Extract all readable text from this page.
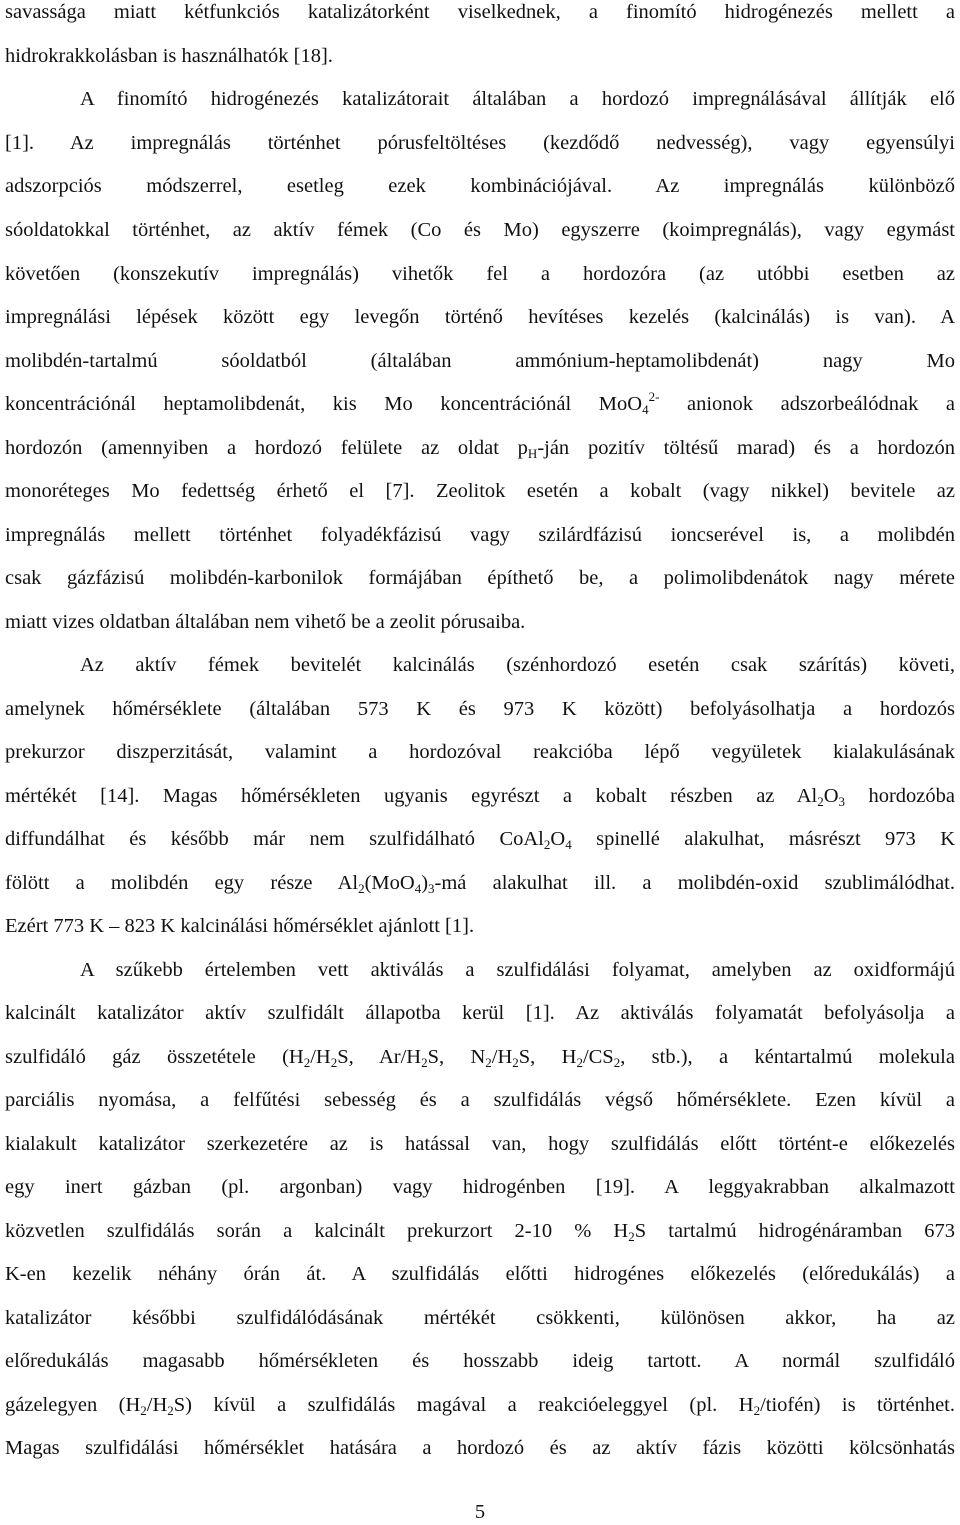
savassága miatt kétfunkciós katalizátorként viselkednek, a finomító hidrogénezés mellett a
hidrokrakkolásban is használhatók [18].
A finomító hidrogénezés katalizátorait általában a hordozó impregnálásával állítják elő
[1]. Az impregnálás történhet pórusfeltöltéses (kezdődő nedvesség), vagy egyensúlyi
adszorpciós módszerrel, esetleg ezek kombinációjával. Az impregnálás különböző
sóoldatokkal történhet, az aktív fémek (Co és Mo) egyszerre (koimpregnálás), vagy egymást
követően (konszekutív impregnálás) vihetők fel a hordozóra (az utóbbi esetben az
impregnálási lépések között egy levegőn történő hevítéses kezelés (kalcinálás) is van). A
molibdén-tartalmú sóoldatból (általában ammónium-heptamolibdenát) nagy Mo
koncentrációnál heptamolibdenát, kis Mo koncentrációnál $MoO4^{2-}$ anionok adszorbeálódnak a
hordozón (amennyiben a hordozó felülete az oldat pH-ján pozitív töltésű marad) és a hordozón
monoréteges Mo fedettség érhető el [7]. Zeolitok esetén a kobalt (vagy nikkel) bevitele az
impregnálás mellett történhet folyadékfázisú vagy szilárdfázisú ioncserével is, a molibdén
csak gázfázisú molibdén-karbonilok formájában építhető be, a polimolibdenátok nagy mérete
miatt vizes oldatban általában nem vihető be a zeolit pórusaiba.
Az aktív fémek bevitelét kalcinálás (szénhordozó esetén csak szárítás) követi,
amelynek hőmérséklete (általában 573 K és 973 K között) befolyásolhatja a hordozós
prekurzor diszperzitását, valamint a hordozóval reakcióba lépő vegyületek kialakulásának
mértékét [14]. Magas hőmérsékleten ugyanis egyrészt a kobalt részben az Al2O3 hordozóba
diffundálhat és később már nem szulfidálható CoAl2O4 spinellé alakulhat, másrészt 973 K
fölött a molibdén egy része Al2(MoO4)3-má alakulhat ill. a molibdén-oxid szublimálódhat.
Ezért 773 K – 823 K kalcinálási hőmérséklet ajánlott [1].
A szűkebb értelemben vett aktiválás a szulfidálási folyamat, amelyben az oxidformájú
kalcinált katalizátor aktív szulfidált állapotba kerül [1]. Az aktiválás folyamatát befolyásolja a
szulfidáló gáz összetétele (H2/H2S, Ar/H2S, N2/H2S, H2/CS2, stb.), a kéntartalmú molekula
parciális nyomása, a felfűtési sebesség és a szulfidálás végső hőmérséklete. Ezen kívül a
kialakult katalizátor szerkezetére az is hatással van, hogy szulfidálás előtt történt-e előkezelés
egy inert gázban (pl. argonban) vagy hidrogénben [19]. A leggyakrabban alkalmazott
közvetlen szulfidálás során a kalcinált prekurzort 2-10 % H2S tartalmú hidrogénáramban 673
K-en kezelik néhány órán át. A szulfidálás előtti hidrogénes előkezelés (előredukálás) a
katalizátor későbbi szulfidálódásának mértékét csökkenti, különösen akkor, ha az
előredukálás magasabb hőmérsékleten és hosszabb ideig tartott. A normál szulfidáló
gázelegyen (H2/H2S) kívül a szulfidálás magával a reakcióeleggyel (pl. H2/tiofén) is történhet.
Magas szulfidálási hőmérséklet hatására a hordozó és az aktív fázis közötti kölcsönhatás
5
